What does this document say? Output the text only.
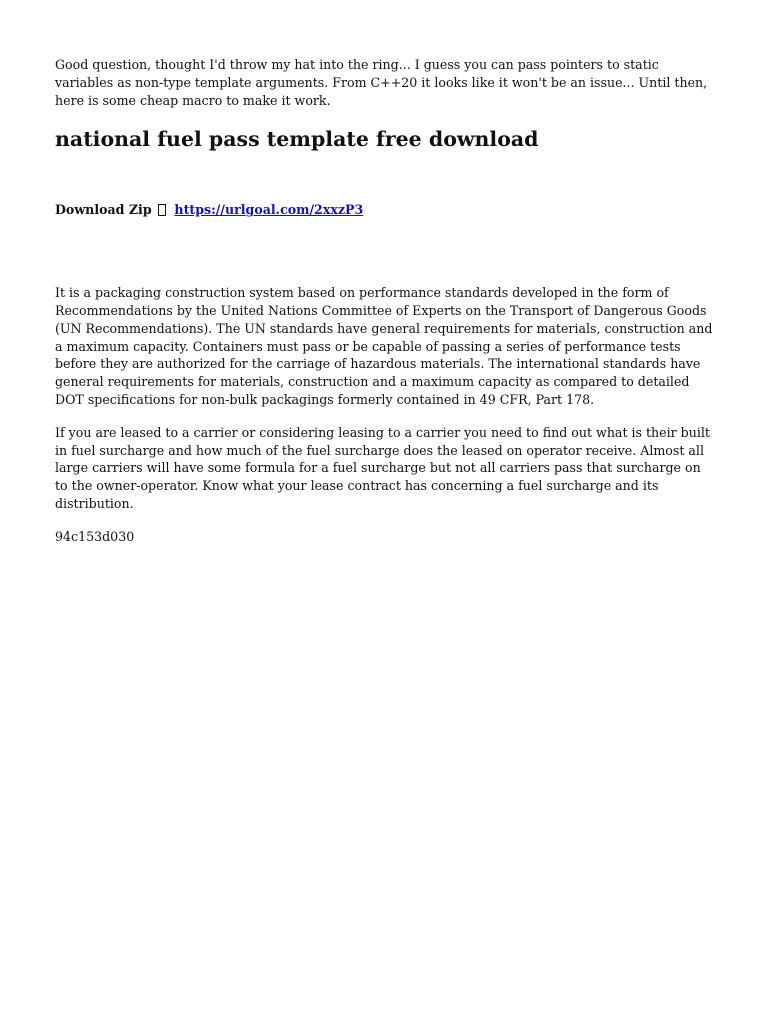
Good question, thought I'd throw my hat into the ring... I guess you can pass pointers to static variables as non-type template arguments. From C++20 it looks like it won't be an issue... Until then, here is some cheap macro to make it work.

national fuel pass template free download
Download Zip https://urlgoal.com/2xxzP3

It is a packaging construction system based on performance standards developed in the form of Recommendations by the United Nations Committee of Experts on the Transport of Dangerous Goods (UN Recommendations). The UN standards have general requirements for materials, construction and a maximum capacity. Containers must pass or be capable of passing a series of performance tests before they are authorized for the carriage of hazardous materials. The international standards have general requirements for materials, construction and a maximum capacity as compared to detailed DOT specifications for non-bulk packagings formerly contained in 49 CFR, Part 178.

If you are leased to a carrier or considering leasing to a carrier you need to find out what is their built in fuel surcharge and how much of the fuel surcharge does the leased on operator receive. Almost all large carriers will have some formula for a fuel surcharge but not all carriers pass that surcharge on to the owner-operator. Know what your lease contract has concerning a fuel surcharge and its distribution.

94c153d030
